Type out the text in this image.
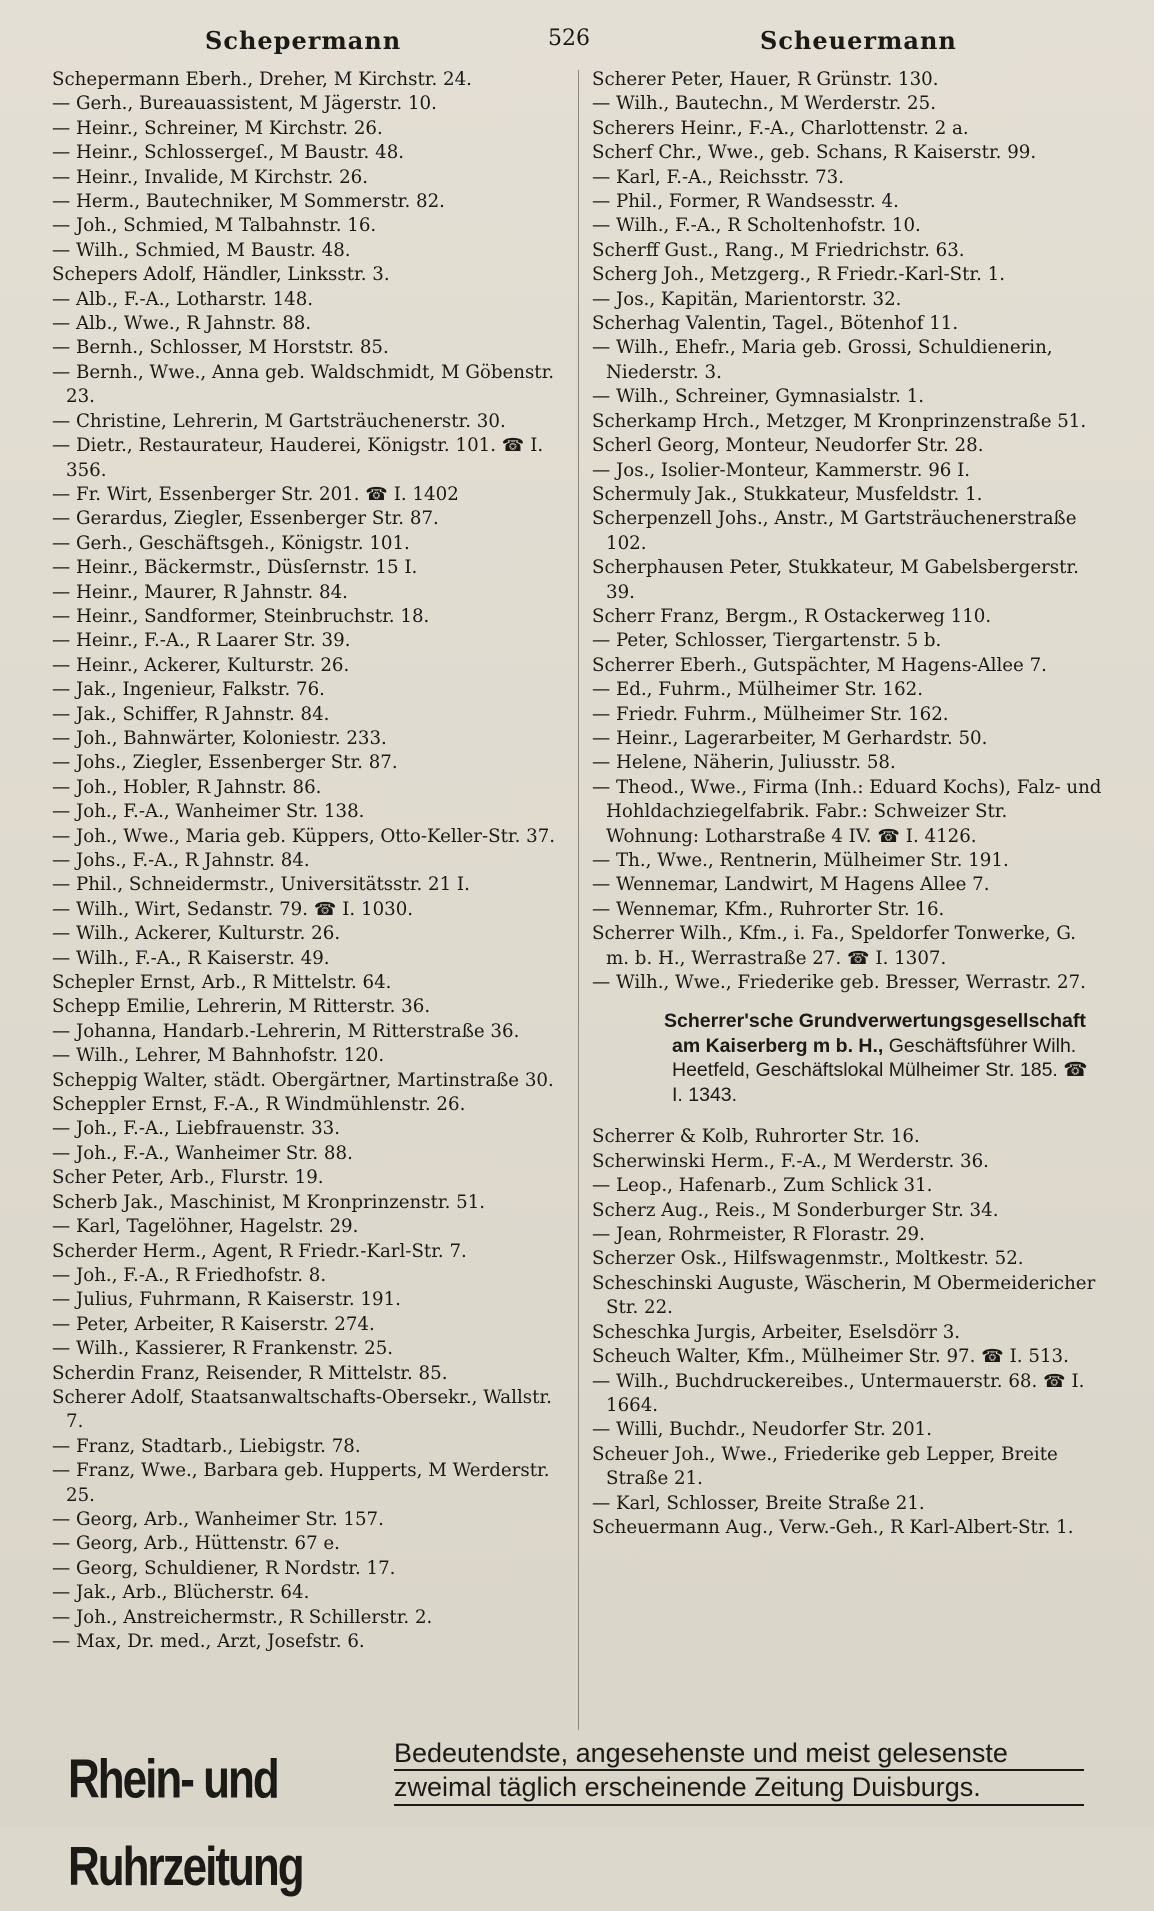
Schepermann	526	Scheuermann
Schepermann Eberh., Dreher, M Kirchstr. 24.
— Gerh., Bureauassistent, M Jägerstr. 10.
— Heinr., Schreiner, M Kirchstr. 26.
— Heinr., Schlossergeſ., M Baustr. 48.
— Heinr., Invalide, M Kirchstr. 26.
— Herm., Bautechniker, M Sommerstr. 82.
— Joh., Schmied, M Talbahnstr. 16.
— Wilh., Schmied, M Baustr. 48.
Schepers Adolf, Händler, Linksstr. 3.
— Alb., F.-A., Lotharstr. 148.
— Alb., Wwe., R Jahnstr. 88.
— Bernh., Schlosser, M Horststr. 85.
— Bernh., Wwe., Anna geb. Waldschmidt, M Göbenstr. 23.
— Christine, Lehrerin, M Gartsträuchenerstr. 30.
— Dietr., Restaurateur, Hauderei, Königstr. 101. ☎ I. 356.
— Fr. Wirt, Essenberger Str. 201. ☎ I. 1402
— Gerardus, Ziegler, Essenberger Str. 87.
— Gerh., Geschäftsgeh., Königstr. 101.
— Heinr., Bäckermstr., Düsſernstr. 15 I.
— Heinr., Maurer, R Jahnstr. 84.
— Heinr., Sandformer, Steinbruchstr. 18.
— Heinr., F.-A., R Laarer Str. 39.
— Heinr., Ackerer, Kulturstr. 26.
— Jak., Ingenieur, Falkstr. 76.
— Jak., Schiffer, R Jahnstr. 84.
— Joh., Bahnwärter, Koloniestr. 233.
— Johs., Ziegler, Essenberger Str. 87.
— Joh., Hobler, R Jahnstr. 86.
— Joh., F.-A., Wanheimer Str. 138.
— Joh., Wwe., Maria geb. Küppers, Otto-Keller-Str. 37.
— Johs., F.-A., R Jahnstr. 84.
— Phil., Schneidermstr., Universitätsstr. 21 I.
— Wilh., Wirt, Sedanstr. 79. ☎ I. 1030.
— Wilh., Ackerer, Kulturstr. 26.
— Wilh., F.-A., R Kaiserstr. 49.
Schepler Ernst, Arb., R Mittelstr. 64.
Schepp Emilie, Lehrerin, M Ritterstr. 36.
— Johanna, Handarb.-Lehrerin, M Ritterstraße 36.
— Wilh., Lehrer, M Bahnhofstr. 120.
Scheppig Walter, städt. Obergärtner, Martinstraße 30.
Scheppler Ernst, F.-A., R Windmühlenstr. 26.
— Joh., F.-A., Liebfrauenstr. 33.
— Joh., F.-A., Wanheimer Str. 88.
Scher Peter, Arb., Flurstr. 19.
Scherb Jak., Maschinist, M Kronprinzenstr. 51.
— Karl, Tagelöhner, Hagelstr. 29.
Scherder Herm., Agent, R Friedr.-Karl-Str. 7.
— Joh., F.-A., R Friedhofstr. 8.
— Julius, Fuhrmann, R Kaiserstr. 191.
— Peter, Arbeiter, R Kaiserstr. 274.
— Wilh., Kassierer, R Frankenstr. 25.
Scherdin Franz, Reisender, R Mittelstr. 85.
Scherer Adolf, Staatsanwaltschafts-Obersekr., Wallstr. 7.
— Franz, Stadtarb., Liebigstr. 78.
— Franz, Wwe., Barbara geb. Hupperts, M Werderstr. 25.
— Georg, Arb., Wanheimer Str. 157.
— Georg, Arb., Hüttenstr. 67 e.
— Georg, Schuldiener, R Nordstr. 17.
— Jak., Arb., Blücherstr. 64.
— Joh., Anstreichermstr., R Schillerstr. 2.
— Max, Dr. med., Arzt, Josefstr. 6.
Scherer Peter, Hauer, R Grünstr. 130.
— Wilh., Bautechn., M Werderstr. 25.
Scherers Heinr., F.-A., Charlottenstr. 2 a.
Scherf Chr., Wwe., geb. Schans, R Kaiserstr. 99.
— Karl, F.-A., Reichsstr. 73.
— Phil., Former, R Wandsesstr. 4.
— Wilh., F.-A., R Scholtenhofstr. 10.
Scherff Gust., Rang., M Friedrichstr. 63.
Scherg Joh., Metzgerg., R Friedr.-Karl-Str. 1.
— Jos., Kapitän, Marientorstr. 32.
Scherhag Valentin, Tagel., Bötenhof 11.
— Wilh., Ehefr., Maria geb. Grossi, Schuldienerin, Niederstr. 3.
— Wilh., Schreiner, Gymnasialstr. 1.
Scherkamp Hrch., Metzger, M Kronprinzenstraße 51.
Scherl Georg, Monteur, Neudorfer Str. 28.
— Jos., Isolier-Monteur, Kammerstr. 96 I.
Schermuly Jak., Stukkateur, Musfeldstr. 1.
Scherpenzell Johs., Anstr., M Gartsträuchenerstraße 102.
Scherphausen Peter, Stukkateur, M Gabelsbergerstr. 39.
Scherr Franz, Bergm., R Ostackerweg 110.
— Peter, Schlosser, Tiergartenstr. 5 b.
Scherrer Eberh., Gutspächter, M Hagens-Allee 7.
— Ed., Fuhrm., Mülheimer Str. 162.
— Friedr. Fuhrm., Mülheimer Str. 162.
— Heinr., Lagerarbeiter, M Gerhardstr. 50.
— Helene, Näherin, Juliusstr. 58.
— Theod., Wwe., Firma (Inh.: Eduard Kochs), Falz- und Hohldachziegelfabrik. Fabr.: Schweizer Str. Wohnung: Lotharstraße 4 IV. ☎ I. 4126.
— Th., Wwe., Rentnerin, Mülheimer Str. 191.
— Wennemar, Landwirt, M Hagens Allee 7.
— Wennemar, Kfm., Ruhrorter Str. 16.
Scherrer Wilh., Kfm., i. Fa., Speldorfer Tonwerke, G. m. b. H., Werrastraße 27. ☎ I. 1307.
— Wilh., Wwe., Friederike geb. Bresser, Werrastr. 27.
Scherrer'sche Grundverwertungsgesellschaft am Kaiserberg m b. H., Geschäftsführer Wilh. Heetfeld, Geschäftslokal Mülheimer Str. 185. ☎ I. 1343.
Scherrer & Kolb, Ruhrorter Str. 16.
Scherwinski Herm., F.-A., M Werderstr. 36.
— Leop., Hafenarb., Zum Schlick 31.
Scherz Aug., Reis., M Sonderburger Str. 34.
— Jean, Rohrmeister, R Florastr. 29.
Scherzer Osk., Hilfswagenmstr., Moltkestr. 52.
Scheschinski Auguste, Wäscherin, M Obermeidericher Str. 22.
Scheschka Jurgis, Arbeiter, Eselsdörr 3.
Scheuch Walter, Kfm., Mülheimer Str. 97. ☎ I. 513.
— Wilh., Buchdruckereibes., Untermauerstr. 68. ☎ I. 1664.
— Willi, Buchdr., Neudorfer Str. 201.
Scheuer Joh., Wwe., Friederike geb Lepper, Breite Straße 21.
— Karl, Schlosser, Breite Straße 21.
Scheuermann Aug., Verw.-Geh., R Karl-Albert-Str. 1.
Rhein- und Ruhrzeitung
Bedeutendste, angesehenste und meist gelesenste
zweimal täglich erscheinende Zeitung Duisburgs.
